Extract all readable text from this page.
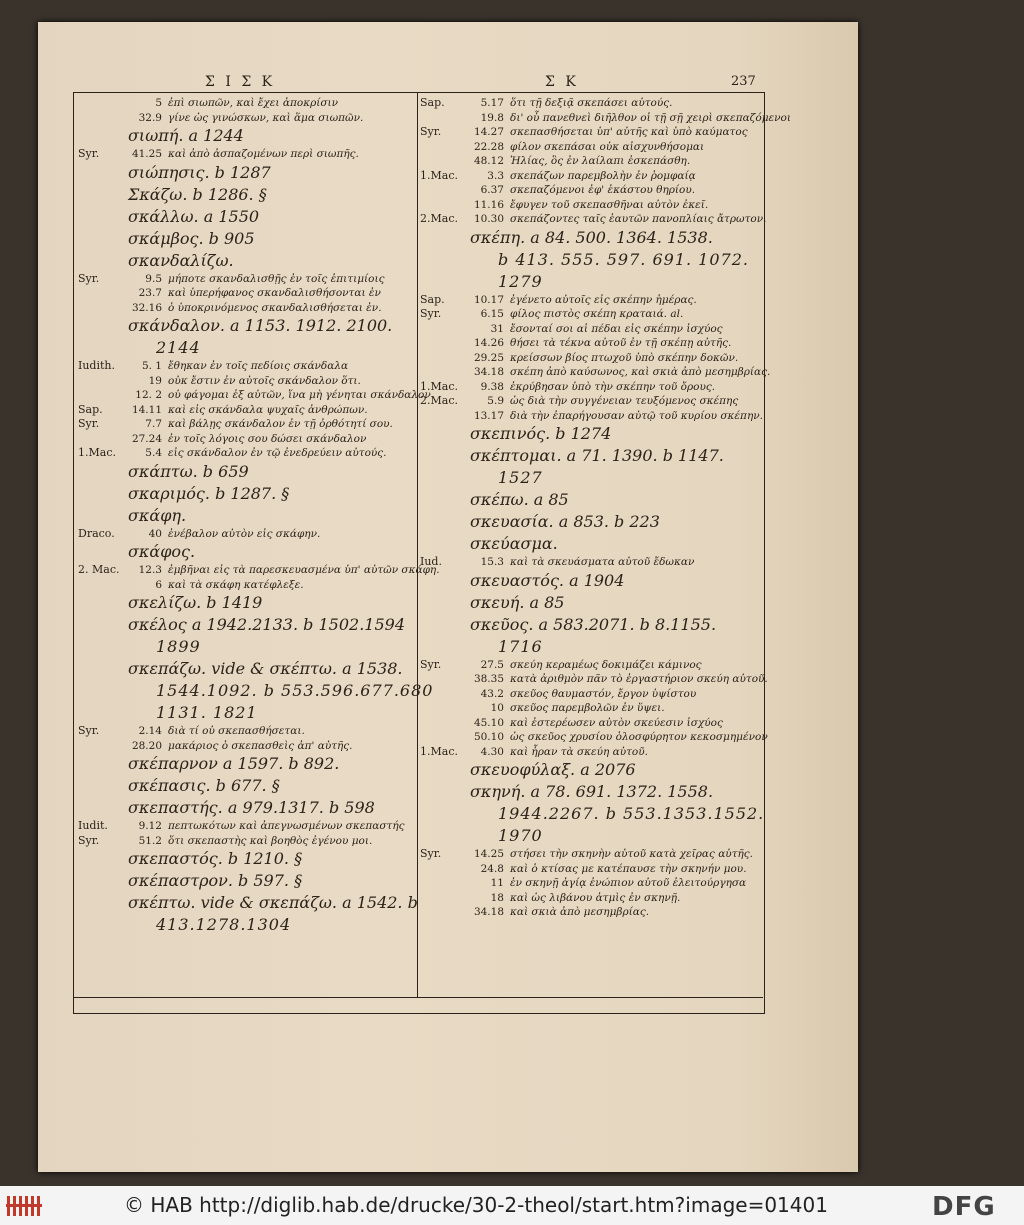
Σ Ι Σ Κ	Σ Κ	237
5 ἐπὶ σιωπῶν, καὶ ἔχει ἀποκρίσιν
32.9 γίνε ὡς γινώσκων, καὶ ἅμα σιωπῶν.
σιωπή. a 1244
Syr.	41.25 καὶ ἀπὸ ἀσπαζομένων περὶ σιωπῆς.
σιώπησις. b 1287
Σκάζω. b 1286. §
σκάλλω. a 1550
σκάμβος. b 905
σκανδαλίζω.
Syr.	9.5 μήποτε σκανδαλισθῇς ἐν τοῖς ἐπιτιμίοις
23.7 καὶ ὑπερήφανος σκανδαλισθήσονται ἐν
32.16 ὁ ὑποκρινόμενος σκανδαλισθήσεται ἐν.
σκάνδαλον. a 1153. 1912. 2100.
2144
Iudith.	5. 1 ἔθηκαν ἐν τοῖς πεδίοις σκάνδαλα
19 οὐκ ἔστιν ἐν αὐτοῖς σκάνδαλον ὅτι.
12. 2 οὐ φάγομαι ἐξ αὐτῶν, ἵνα μὴ γένηται σκάνδαλον
Sap.	14.11 καὶ εἰς σκάνδαλα ψυχαῖς ἀνθρώπων.
Syr.	7.7 καὶ βάλῃς σκάνδαλον ἐν τῇ ὀρθότητί σου.
27.24 ἐν τοῖς λόγοις σου δώσει σκάνδαλον
1.Mac.	5.4 εἰς σκάνδαλον ἐν τῷ ἐνεδρεύειν αὐτούς.
σκάπτω. b 659
σκαριμός. b 1287. §
σκάφη.
Draco.	40 ἐνέβαλον αὐτὸν εἰς σκάφην.
σκάφος.
2. Mac.	12.3 ἐμβῆναι εἰς τὰ παρεσκευασμένα ὑπ' αὐτῶν σκάφη.
6 καὶ τὰ σκάφη κατέφλεξε.
σκελίζω. b 1419
σκέλος a 1942.2133. b 1502.1594
1899
σκεπάζω. vide & σκέπτω. a 1538.
1544.1092. b 553.596.677.680
1131. 1821
Syr.	2.14 διὰ τί οὐ σκεπασθήσεται.
28.20 μακάριος ὁ σκεπασθεὶς ἀπ' αὐτῆς.
σκέπαρνον a 1597. b 892.
σκέπασις. b 677. §
σκεπαστής. a 979.1317. b 598
Iudit.	9.12 πεπτωκότων καὶ ἀπεγνωσμένων σκεπαστής
Syr.	51.2 ὅτι σκεπαστὴς καὶ βοηθὸς ἐγένου μοι.
σκεπαστός. b 1210. §
σκέπαστρον. b 597. §
σκέπτω. vide & σκεπάζω. a 1542. b
413.1278.1304
Sap.	5.17 ὅτι τῇ δεξιᾷ σκεπάσει αὐτούς.
19.8 δι' οὗ πανεθνεὶ διῆλθον οἱ τῇ σῇ χειρὶ σκεπαζόμενοι
Syr.	14.27 σκεπασθήσεται ὑπ' αὐτῆς καὶ ὑπὸ καύματος
22.28 φίλον σκεπάσαι οὐκ αἰσχυνθήσομαι
48.12 Ἠλίας, ὃς ἐν λαίλαπι ἐσκεπάσθη.
1.Mac.	3.3 σκεπάζων παρεμβολὴν ἐν ῥομφαίᾳ
6.37 σκεπαζόμενοι ἐφ' ἑκάστου θηρίου.
11.16 ἔφυγεν τοῦ σκεπασθῆναι αὐτὸν ἐκεῖ.
2.Mac.	10.30 σκεπάζοντες ταῖς ἑαυτῶν πανοπλίαις ἄτρωτον.
σκέπη. a 84. 500. 1364. 1538.
b 413. 555. 597. 691. 1072.
1279
Sap.	10.17 ἐγένετο αὐτοῖς εἰς σκέπην ἡμέρας.
Syr.	6.15 φίλος πιστὸς σκέπη κραταιά. al.
31 ἔσονταί σοι αἱ πέδαι εἰς σκέπην ἰσχύος
14.26 θήσει τὰ τέκνα αὐτοῦ ἐν τῇ σκέπῃ αὐτῆς.
29.25 κρείσσων βίος πτωχοῦ ὑπὸ σκέπην δοκῶν.
34.18 σκέπη ἀπὸ καύσωνος, καὶ σκιὰ ἀπὸ μεσημβρίας.
1.Mac.	9.38 ἐκρύβησαν ὑπὸ τὴν σκέπην τοῦ ὄρους.
2.Mac.	5.9 ὡς διὰ τὴν συγγένειαν τευξόμενος σκέπης
13.17 διὰ τὴν ἐπαρήγουσαν αὐτῷ τοῦ κυρίου σκέπην.
σκεπινός. b 1274
σκέπτομαι. a 71. 1390. b 1147.
1527
σκέπω. a 85
σκευασία. a 853. b 223
σκεύασμα.
Iud.	15.3 καὶ τὰ σκευάσματα αὐτοῦ ἔδωκαν
σκευαστός. a 1904
σκευή. a 85
σκεῦος. a 583.2071. b 8.1155.
1716
Syr.	27.5 σκεύη κεραμέως δοκιμάζει κάμινος
38.35 κατὰ ἀριθμὸν πᾶν τὸ ἐργαστήριον σκεύη αὐτοῦ.
43.2 σκεῦος θαυμαστόν, ἔργον ὑψίστου
10 σκεῦος παρεμβολῶν ἐν ὕψει.
45.10 καὶ ἐστερέωσεν αὐτὸν σκεύεσιν ἰσχύος
50.10 ὡς σκεῦος χρυσίου ὁλοσφύρητον κεκοσμημένον
1.Mac.	4.30 καὶ ἦραν τὰ σκεύη αὐτοῦ.
σκευοφύλαξ. a 2076
σκηνή. a 78. 691. 1372. 1558.
1944.2267. b 553.1353.1552.
1970
Syr.	14.25 στήσει τὴν σκηνὴν αὐτοῦ κατὰ χεῖρας αὐτῆς.
24.8 καὶ ὁ κτίσας με κατέπαυσε τὴν σκηνήν μου.
11 ἐν σκηνῇ ἁγίᾳ ἐνώπιον αὐτοῦ ἐλειτούργησα
18 καὶ ὡς λιβάνου ἀτμὶς ἐν σκηνῇ.
34.18 καὶ σκιὰ ἀπὸ μεσημβρίας.
© HAB http://diglib.hab.de/drucke/30-2-theol/start.htm?image=01401	DFG
